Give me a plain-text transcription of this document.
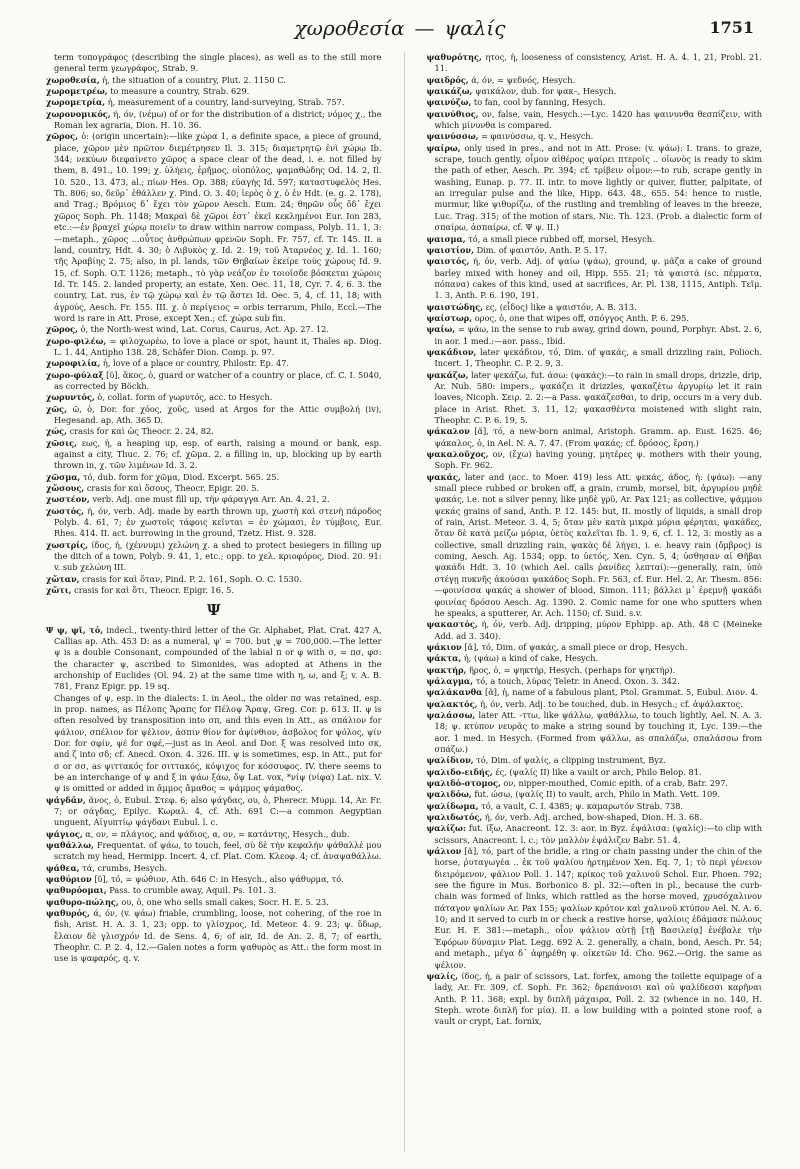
χωροθεσία — ψαλίς	1751

term τοπογράφος (describing the single places), as well as to the still more general term γεωγράφος, Strab. 9.

χωροθεσία, ἡ, the situation of a country, Plut. 2. 1150 C.

χωρομετρέω, to measure a country, Strab. 629.

χωρομετρία, ἡ, measurement of a country, land-surveying, Strab. 757.

χωρονομικός, ή, όν, (νέμω) of or for the distribution of a district; νόμος χ., the Roman lex agraria, Dion. H. 10. 36.

χῶρος, ὁ: (origin uncertain):—like χώρα 1, a definite space, a piece of ground, place, χῶρον μὲν πρῶτον διεμέτρησεν Il. 3. 315; διαμετρητῷ ἐνὶ χώρῳ Ib. 344; νεκύων διεφαίνετο χῶρος a space clear of the dead, i. e. not filled by them, 8. 491., 10. 199; χ. ὑλήεις, ἐρῆμος, οἰοπόλος, ψαμαθώδης Od. 14. 2, Il. 10. 520., 13. 473, al.; πίων Hes. Op. 388; εὐαγὴς Id. 597; καταστυφελὸς Hes. Th. 806; so, δεῦρ᾽ ἐθάλλεν χ. Pind. O. 3. 40; ἱερὸς ὁ χ. ὁ ἐν Hdt. (e. g. 2. 178), and Trag.; Βρόμιος δ᾽ ἔχει τὸν χῶρον Aesch. Eum. 24; θηρῶν οὗς ὅδ᾽ ἔχει χῶρος Soph. Ph. 1148; Μακραὶ δὲ χῶροι ἐστ᾽ ἐκεῖ κεκλημένοι Eur. Ion 283, etc.:—ἐν βραχεῖ χώρῳ ποιεῖν to draw within narrow compass, Polyb. 11. 1, 3:—metaph., χῶρος ...οὗτος ἀνθρώπων φρενῶν Soph. Fr. 757, cf. Tr. 145. II. a land, country, Hdt. 4. 30; ὁ Λιβυκὸς χ. Id. 2. 19; τοῦ Ἀταρνέος χ. Id. 1. 160; τῆς Ἀραβίης 2. 75; also, in pl. lands, τῶν Θηβαίων ἐκείρε τοὺς χώρους Id. 9. 15, cf. Soph. O.T. 1126; metaph., τὸ γὰρ νεάζον ἐν τοιοῖσδε βόσκεται χώροις Id. Tr. 145. 2. landed property, an estate, Xen. Oec. 11, 18, Cyr. 7. 4, 6. 3. the country, Lat. rus, ἐν τῷ χώρῳ καὶ ἐν τῷ ἄστει Id. Oec. 5, 4, cf. 11, 18; with ἀγρούς, Aesch. Fr. 155. III. χ. ὁ περίγειος = orbis terrarum, Philo, Eccl.—The word is rare in Att. Prose, except Xen.; cf. χώρα sub fin.

χῶρος, ὁ, the North-west wind, Lat. Corus, Caurus, Act. Ap. 27. 12.

χωρο-φιλέω, = φιλοχωρέω, to love a place or spot, haunt it, Thales ap. Diog. L. 1. 44, Antipho 138. 28, Schäfer Dion. Comp. p. 97.

χωροφιλία, ἡ, love of a place or country, Philostr. Ep. 47.

χωρο-φύλαξ [ῠ], ἄκος, ὁ, guard or watcher of a country or place, cf. C. I. 5040, as corrected by Böckh.

χωρυντός, ὁ, collat. form of γωρυτός, acc. to Hesych.

χῶς, ῶ, ὁ, Dor. for χόος, χοῦς, used at Argos for the Attic συμβολή (iv), Hegesand. ap. Ath. 365 D.

χώς, crasis for καὶ ὡς Theocr. 2. 24, 82.

χῶσις, εως, ἡ, a heaping up, esp. of earth, raising a mound or bank, esp. against a city, Thuc. 2. 76; cf. χῶμα. 2. a filling in, up, blocking up by earth thrown in, χ. τῶν λιμένων Id. 3. 2.

χῶσμα, τό, dub. form for χῶμα, Diod. Excerpt. 565. 25.

χὤσους, crasis for καὶ ὅσους, Theocr. Epigr. 20. 5.

χωστέον, verb. Adj. one must fill up, τὴν φάραγγα Arr. An. 4. 21, 2.

χωστός, ή, όν, verb. Adj. made by earth thrown up, χωστὴ καὶ στενὴ πάροδος Polyb. 4. 61, 7; ἐν χωστοῖς τάφοις κεῖνται = ἐν χώμασι, ἐν τύμβοις, Eur. Rhes. 414. II. act. burrowing in the ground, Tzetz. Hist. 9. 328.

χωστρίς, ίδος, ἡ, (χέννυμι) χελώνη χ. a shed to protect besiegers in filling up the ditch of a town, Polyb. 9. 41, 1, etc.; opp. to χελ. κριοφόρος, Diod. 20. 91: v. sub χελώνη III.

χὤταν, crasis for καὶ ὅταν, Pind. P. 2. 161, Soph. O. C. 1530.

χὤτι, crasis for καὶ ὅτι, Theocr. Epigr. 16. 5.

Ψ

Ψ ψ, ψῖ, τό, indecl., twenty-third letter of the Gr. Alphabet, Plat. Crat. 427 A, Callias ap. Ath. 453 D: as a numeral, ψ′ = 700. but ͵ψ = 700,000.—The letter ψ is a double Consonant, compounded of the labial π or φ with σ, = πσ, φσ: the character ψ, ascribed to Simonides, was adopted at Athens in the archonship of Euclides (Ol. 94. 2) at the same time with η, ω, and ξ; v. A. B. 781, Franz Epigr. pp. 19 sq.

Changes of ψ, esp. in the dialects: I. in Aeol., the older πσ was retained, esp. in prop. names, as Πέλοπς Ἄραπς for Πέλοψ Ἄραψ, Greg. Cor. p. 613. II. ψ is often resolved by transposition into σπ, and this even in Att., as σπάλιον for ψάλιον, σπέλιον for ψέλιον, ἀσπιν θίον for ἀψίνθιον, ἀσβολος for ψόλος, ψίν Dor. for σφίν, ψέ for σφέ,—just as in Aeol. and Dor. ξ was resolved into σκ, and ζ into σδ; cf. Anecd. Oxon. 4. 326. III. ψ is sometimes, esp. in Att., put for σ or σσ, as ψιττακός for σιττακός, κόψιχος for κόσσυφος. IV. there seems to be an interchange of ψ and ξ in ψάω ξάω, ὄψ Lat. vox, *νίψ (νίφα) Lat. nix. V. ψ is omitted or added in ἄμμος ἄμαθος = ψάμμος ψάμαθος.

ψάγδᾱν, ᾶνος, ὁ, Eubul. Στεφ. 6; also ψάγδας, ου, ὁ, Pherecr. Μυρμ. 14, Ar. Fr. 7; or σάγδας, Epilyc. Κωραλ. 4, cf. Ath. 691 C:—a common Aegyptian unguent, Αἰγυπτίῳ ψάγδανι Eubul. l. c.

ψάγιος, α, ον, = πλάγιος, and ψάδιος, α, ον, = κατάντης, Hesych., dub.

ψαθάλλω, Frequentat. of ψάω, to touch, feel, σὺ δὲ τὴν κεφαλήν ψάθαλλέ μου scratch my head, Hermipp. Incert. 4, cf. Plat. Com. Κλεοφ. 4; cf. ἀναψαθάλλω.

ψάθεα, τά, crumbs, Hesych.

ψαθύριον [ῠ], τό, = ψώθιον, Ath. 646 C: in Hesych., also ψάθυρμα, τό.

ψαθυρόομαι, Pass. to crumble away, Aquil. Ps. 101. 3.

ψαθυρο-πώλης, ου, ὁ, one who sells small cakes, Socr. H. E. 5. 23.

ψαθυρός, ά, όν, (v. ψάω) friable, crumbling, loose, not cohering, of the roe in fish, Arist. H. A. 3. 1, 23; opp. to γλίσχρος, Id. Meteor. 4. 9. 23; ψ. ὕδωρ, ἔλαιον δὲ γλισχρόν Id. de Sens. 4, 6; of air, Id. de An. 2. 8, 7; of earth, Theophr. C. P. 2. 4, 12.—Galen notes a form ψαθυρὸς as Att.: the form most in use is ψαφαρός, q. v.

ψαθυρότης, ητος, ἡ, looseness of consistency, Arist. H. A. 4. 1, 21, Probl. 21. 11.

ψαιδρός, ά, όν, = ψεδνός, Hesych.

ψαικάζω, ψαικάλον, dub. for ψακ–, Hesych.

ψαινύζω, to fan, cool by fanning, Hesych.

ψαινύθιος, ον, false, vain, Hesych.:—Lyc. 1420 has ψαινυνθα θεσπίζειν, with which μίνυνθα is compared.

ψαινύσσω, = φαινύσσω, q. v., Hesych.

ψαίρω, only used in pres., and not in Att. Prose: (v. ψάω): I. trans. to graze, scrape, touch gently, οἶμον αἰθέρος ψαίρει πτεροῖς .. οἰωνὸς is ready to skim the path of ether, Aesch. Pr. 394; cf. τρίβειν οἶμον:—to rub, scrape gently in washing, Eunap. p. 77. II. intr. to move lightly or quiver, flutter, palpitate, of an irregular pulse and the like, Hipp. 643. 48., 655. 54: hence to rustle, murmur, like ψιθυρίζω, of the rustling and trembling of leaves in the breeze, Luc. Trag. 315; of the motion of stars, Nic. Th. 123. (Prob. a dialectic form of σπαίρω, ἀσπαίρω, cf. Ψ ψ. II.)

ψαισμα, τό, a small piece rubbed off, morsel, Hesych.

ψαιστίον, Dim. of ψαιστόν, Anth. P. 5. 17.

ψαιστός, ή, όν, verb. Adj. of ψαίω (ψάω), ground, ψ. μᾶζα a cake of ground barley mixed with honey and oil, Hipp. 555. 21; τὰ ψαιστά (sc. πέμματα, πόπανα) cakes of this kind, used at sacrifices, Ar. Pl. 138, 1115, Antiph. Τεῖμ. 1. 3, Anth. P. 6. 190, 191.

ψαιστώδης, ες, (εἶδος) like a ψαιστόν, A. B. 313.

ψαίστωρ, ορος, ὁ, one that wipes off, σπόγγος Anth. P. 6. 295.

ψαίω, = ψάω, in the sense to rub away, grind down, pound, Porphyr. Abst. 2. 6, in aor. 1 med.:—aor. pass., Ibid.

ψακάδιον, later ψεκάδιον, τό, Dim. of ψακάς, a small drizzling rain, Polioch. Incert. 1, Theophr. C. P. 2. 9, 3.

ψακάζω, later ψεκάζω, fut. άσω: (ψακάς):—to rain in small drops, drizzle, drip, Ar. Nub. 580: impers., ψακάζει it drizzles, ψακαζέτω ἀργυρίῳ let it rain loaves, Nicoph. Σειρ. 2. 2:—a Pass. ψακάζεσθαι, to drip, occurs in a very dub. place in Arist. Rhet. 3. 11, 12; ψακασθέντα moistened with slight rain, Theophr. C. P. 6. 19, 5.

ψάκαλον [ᾰ], τό, a new-born animal, Aristoph. Gramm. ap. Eust. 1625. 46; ψάκαλος, ὁ, in Ael. N. A. 7. 47. (From ψακάς; cf. δρόσος, ἕρση.)

ψακαλοῦχος, ον, (ἔχω) having young, μητέρες ψ. mothers with their young, Soph. Fr. 962.

ψακάς, later and (acc. to Moer. 419) less Att. ψεκάς, άδος, ἡ: (ψάω): —any small piece rubbed or broken off, a grain, crumb, morsel, bit, ἀργυρίου μηδὲ ψακάς, i.e. not a silver penny, like μηδὲ γρῦ, Ar. Pax 121; as collective, ψάμμου ψεκάς grains of sand, Anth. P. 12. 145: but, II. mostly of liquids, a small drop of rain, Arist. Meteor. 3. 4, 5; ὅταν μὲν κατὰ μικρὰ μόρια φέρηται, ψακάδες, ὅταν δὲ κατὰ μείζω μόρια, ὑετὸς καλεῖται Ib. 1. 9, 6, cf. 1. 12, 3: mostly as a collective, small drizzling rain, ψακὰς δὲ λήγει, i. e. heavy rain (ὄμβρος) is coming, Aesch. Ag. 1534; opp. to ὑετός, Xen. Cyn. 5, 4; ὑσθησαν αἱ Θῆβαι ψακάδι Hdt. 3. 10 (which Ael. calls ῥανίδες λεπταί):—generally, rain, ὑπὸ στέγῃ πυκνῆς ἀκούσαι ψακάδος Soph. Fr. 563, cf. Eur. Hel. 2, Ar. Thesm. 856:—φοινίσσα ψακάς a shower of blood, Simon. 111; βάλλει μ᾽ ἐρεμνῇ ψακάδι φοινίας δρόσου Aesch. Ag. 1390. 2. Comic name for one who sputters when he speaks, a sputterer, Ar. Ach. 1150; cf. Suid. s.v.

ψακαστός, ή, όν, verb. Adj. dripping, μύρον Ephipp. ap. Ath. 48 C (Meineke Add. ad 3. 340).

ψάκιον [ᾰ], τό, Dim. of ψακάς, a small piece or drop, Hesych.

ψάκτα, ἡ, (ψάω) a kind of cake, Hesych.

ψακτήρ, ῆρος, ὁ, = ψηκτήρ, Hesych. (perhaps for ψηκτήρ).

ψάλαγμα, τό, a touch, λύρας Teletr. in Anecd. Oxon. 3. 342.

ψαλάκανθα [ᾰ], ἡ, name of a fabulous plant, Ptol. Grammat. 5, Eubul. Διον. 4.

ψαλακτός, ή, όν, verb. Adj. to be touched, dub. in Hesych.; cf. ἀψάλακτος.

ψαλάσσω, later Att. -ττω, like ψάλλω, ψαθάλλω, to touch lightly, Ael. N. A. 3. 18; ψ. κτύπον νευρᾶς to make a string sound by touching it, Lyc. 139:—the aor. 1 med. in Hesych. (Formed from ψάλλω, as σπαλάζω, σπαλάσσω from σπάζω.)

ψαλίδιον, τό, Dim. of ψαλίς, a clipping instrument, Byz.

ψαλιδο-ειδής, ές, (ψαλίς II) like a vault or arch, Philo Belop. 81.

ψαλιδό-στομος, ον, nipper-mouthed, Comic epith. of a crab, Batr. 297.

ψαλιδόω, fut. ώσω, (ψαλίς II) to vault, arch, Philo in Math. Vett. 109.

ψαλίδωμα, τό, a vault, C. I. 4385; ψ. καμαρωτόν Strab. 738.

ψαλιδωτός, ή, όν, verb. Adj. arched, bow-shaped, Dion. H. 3. 68.

ψαλίζω: fut. ίξω, Anacreont. 12. 3: aor. in Byz. ἐψάλισα: (ψαλίς):—to clip with scissors, Anacreont. l. c.; τὸν μαλλὸν ἐψάλιζεν Babr. 51. 4.

ψάλιον [ᾰ], τό, part of the bridle, a ring or chain passing under the chin of the horse, ῥυταγωγέα .. ἐκ τοῦ ψαλίου ἠρτημένον Xen. Eq. 7, 1; τὸ περὶ γένειον διειρόμενον, ψάλιον Poll. 1. 147; κρίκος τοῦ χαλινοῦ Schol. Eur. Phoen. 792; see the figure in Mus. Borbonico 8. pl. 32:—often in pl., because the curb-chain was formed of links, which rattled as the horse moved, χρυσόχαλινον πάταγον ψαλίων Ar. Pax 155; ψαλίων κρότον καὶ χαλινοῦ κτύπον Ael. N. A. 6. 10; and it served to curb in or check a restive horse, ψαλίοις ἐδάμασε πώλους Eur. H. F. 381:—metaph., οἷον ψάλιον αὐτῇ [τῇ Βασιλείᾳ] ἐνέβαλε τὴν Ἐφόρων δύναμιν Plat. Legg. 692 A. 2. generally, a chain, bond, Aesch. Pr. 54; and metaph., μέγα δ᾽ ἀφῃρέθη ψ. οἰκετῶν Id. Cho. 962.—Orig. the same as ψέλιον.

ψαλίς, ίδος, ἡ, a pair of scissors, Lat. forfex, among the toilette equipage of a lady, Ar. Fr. 309, cf. Soph. Fr. 362; δρεπάνοισι καὶ οὐ ψαλίδεσσι καρῆναι Anth. P. 11. 368; expl. by διπλῆ μάχαιρα, Poll. 2. 32 (whence in no. 140, H. Steph. wrote διπλῆ for μία). II. a low building with a pointed stone roof, a vault or crypt, Lat. fornix,
